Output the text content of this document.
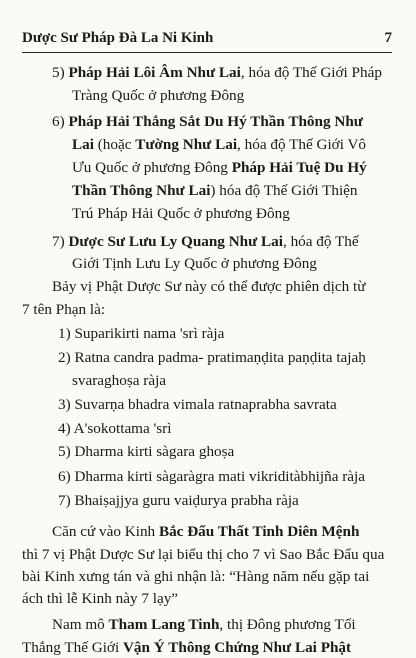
Dược Sư Pháp Đà La Ni Kinh	7
5) Pháp Hải Lôi Âm Như Lai, hóa độ Thế Giới Pháp
Tràng Quốc ở phương Đông
6) Pháp Hải Thắng Sắt Du Hý Thần Thông Như
Lai (hoặc Tường Như Lai, hóa độ Thế Giới Vô
Ưu Quốc ở phương Đông Pháp Hải Tuệ Du Hý
Thần Thông Như Lai) hóa độ Thế Giới Thiện
Trú Pháp Hải Quốc ở phương Đông
7) Dược Sư Lưu Ly Quang Như Lai, hóa độ Thế
Giới Tịnh Lưu Ly Quốc ở phương Đông
Bảy vị Phật Dược Sư này có thể được phiên dịch từ
7 tên Phạn là:
1) Suparikirti nama 'srì ràja
2) Ratna candra padma- pratimaṇḍita paṇḍita tajaḥ
svaraghoṣa ràja
3) Suvarṇa bhadra vimala ratnaprabha savrata
4) A'sokottama 'srì
5) Dharma kirti sàgara ghoṣa
6) Dharma kirti sàgaràgra mati vikriditàbhijña ràja
7) Bhaiṣajjya guru vaiḍurya prabha ràja
Căn cứ vào Kinh Bắc Đẩu Thất Tinh Diên Mệnh
thì 7 vị Phật Dược Sư lại biểu thị cho 7 vì Sao Bắc Đẩu qua
bài Kinh xưng tán và ghi nhận là: “Hàng năm nếu gặp tai
ách thì lễ Kinh này 7 lạy”
Nam mô Tham Lang Tinh, thị Đông phương Tối
Thắng Thế Giới Vận Ý Thông Chứng Như Lai Phật
